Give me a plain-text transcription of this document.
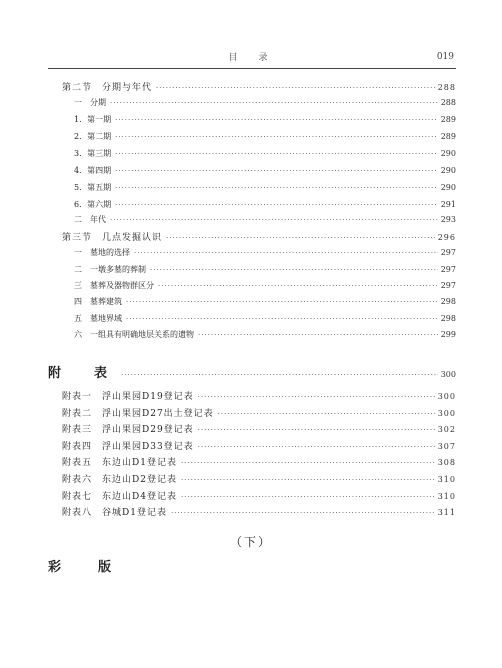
目　录	019
第二节　分期与年代 ·····	288
一　分期 ·····	288
1．第一期 ·····	289
2．第二期 ·····	289
3．第三期 ·····	290
4．第四期 ·····	290
5．第五期 ·····	290
6．第六期 ·····	291
二　年代 ·····	293
第三节　几点发掘认识 ·····	296
一　墓地的选择 ·····	297
二　一墩多墓的葬制 ·····	297
三　墓葬及器物群区分 ·····	297
四　墓葬建筑 ·····	298
五　墓地界域 ·····	298
六　一组具有明确地层关系的遗物 ·····	299
附　表 ·····	300
附表一　浮山果园D19登记表 ·····	300
附表二　浮山果园D27出土登记表 ·····	300
附表三　浮山果园D29登记表 ·····	302
附表四　浮山果园D33登记表 ·····	307
附表五　东边山D1登记表 ·····	308
附表六　东边山D2登记表 ·····	310
附表七　东边山D4登记表 ·····	310
附表八　谷城D1登记表 ·····	311
（下）
彩　版
